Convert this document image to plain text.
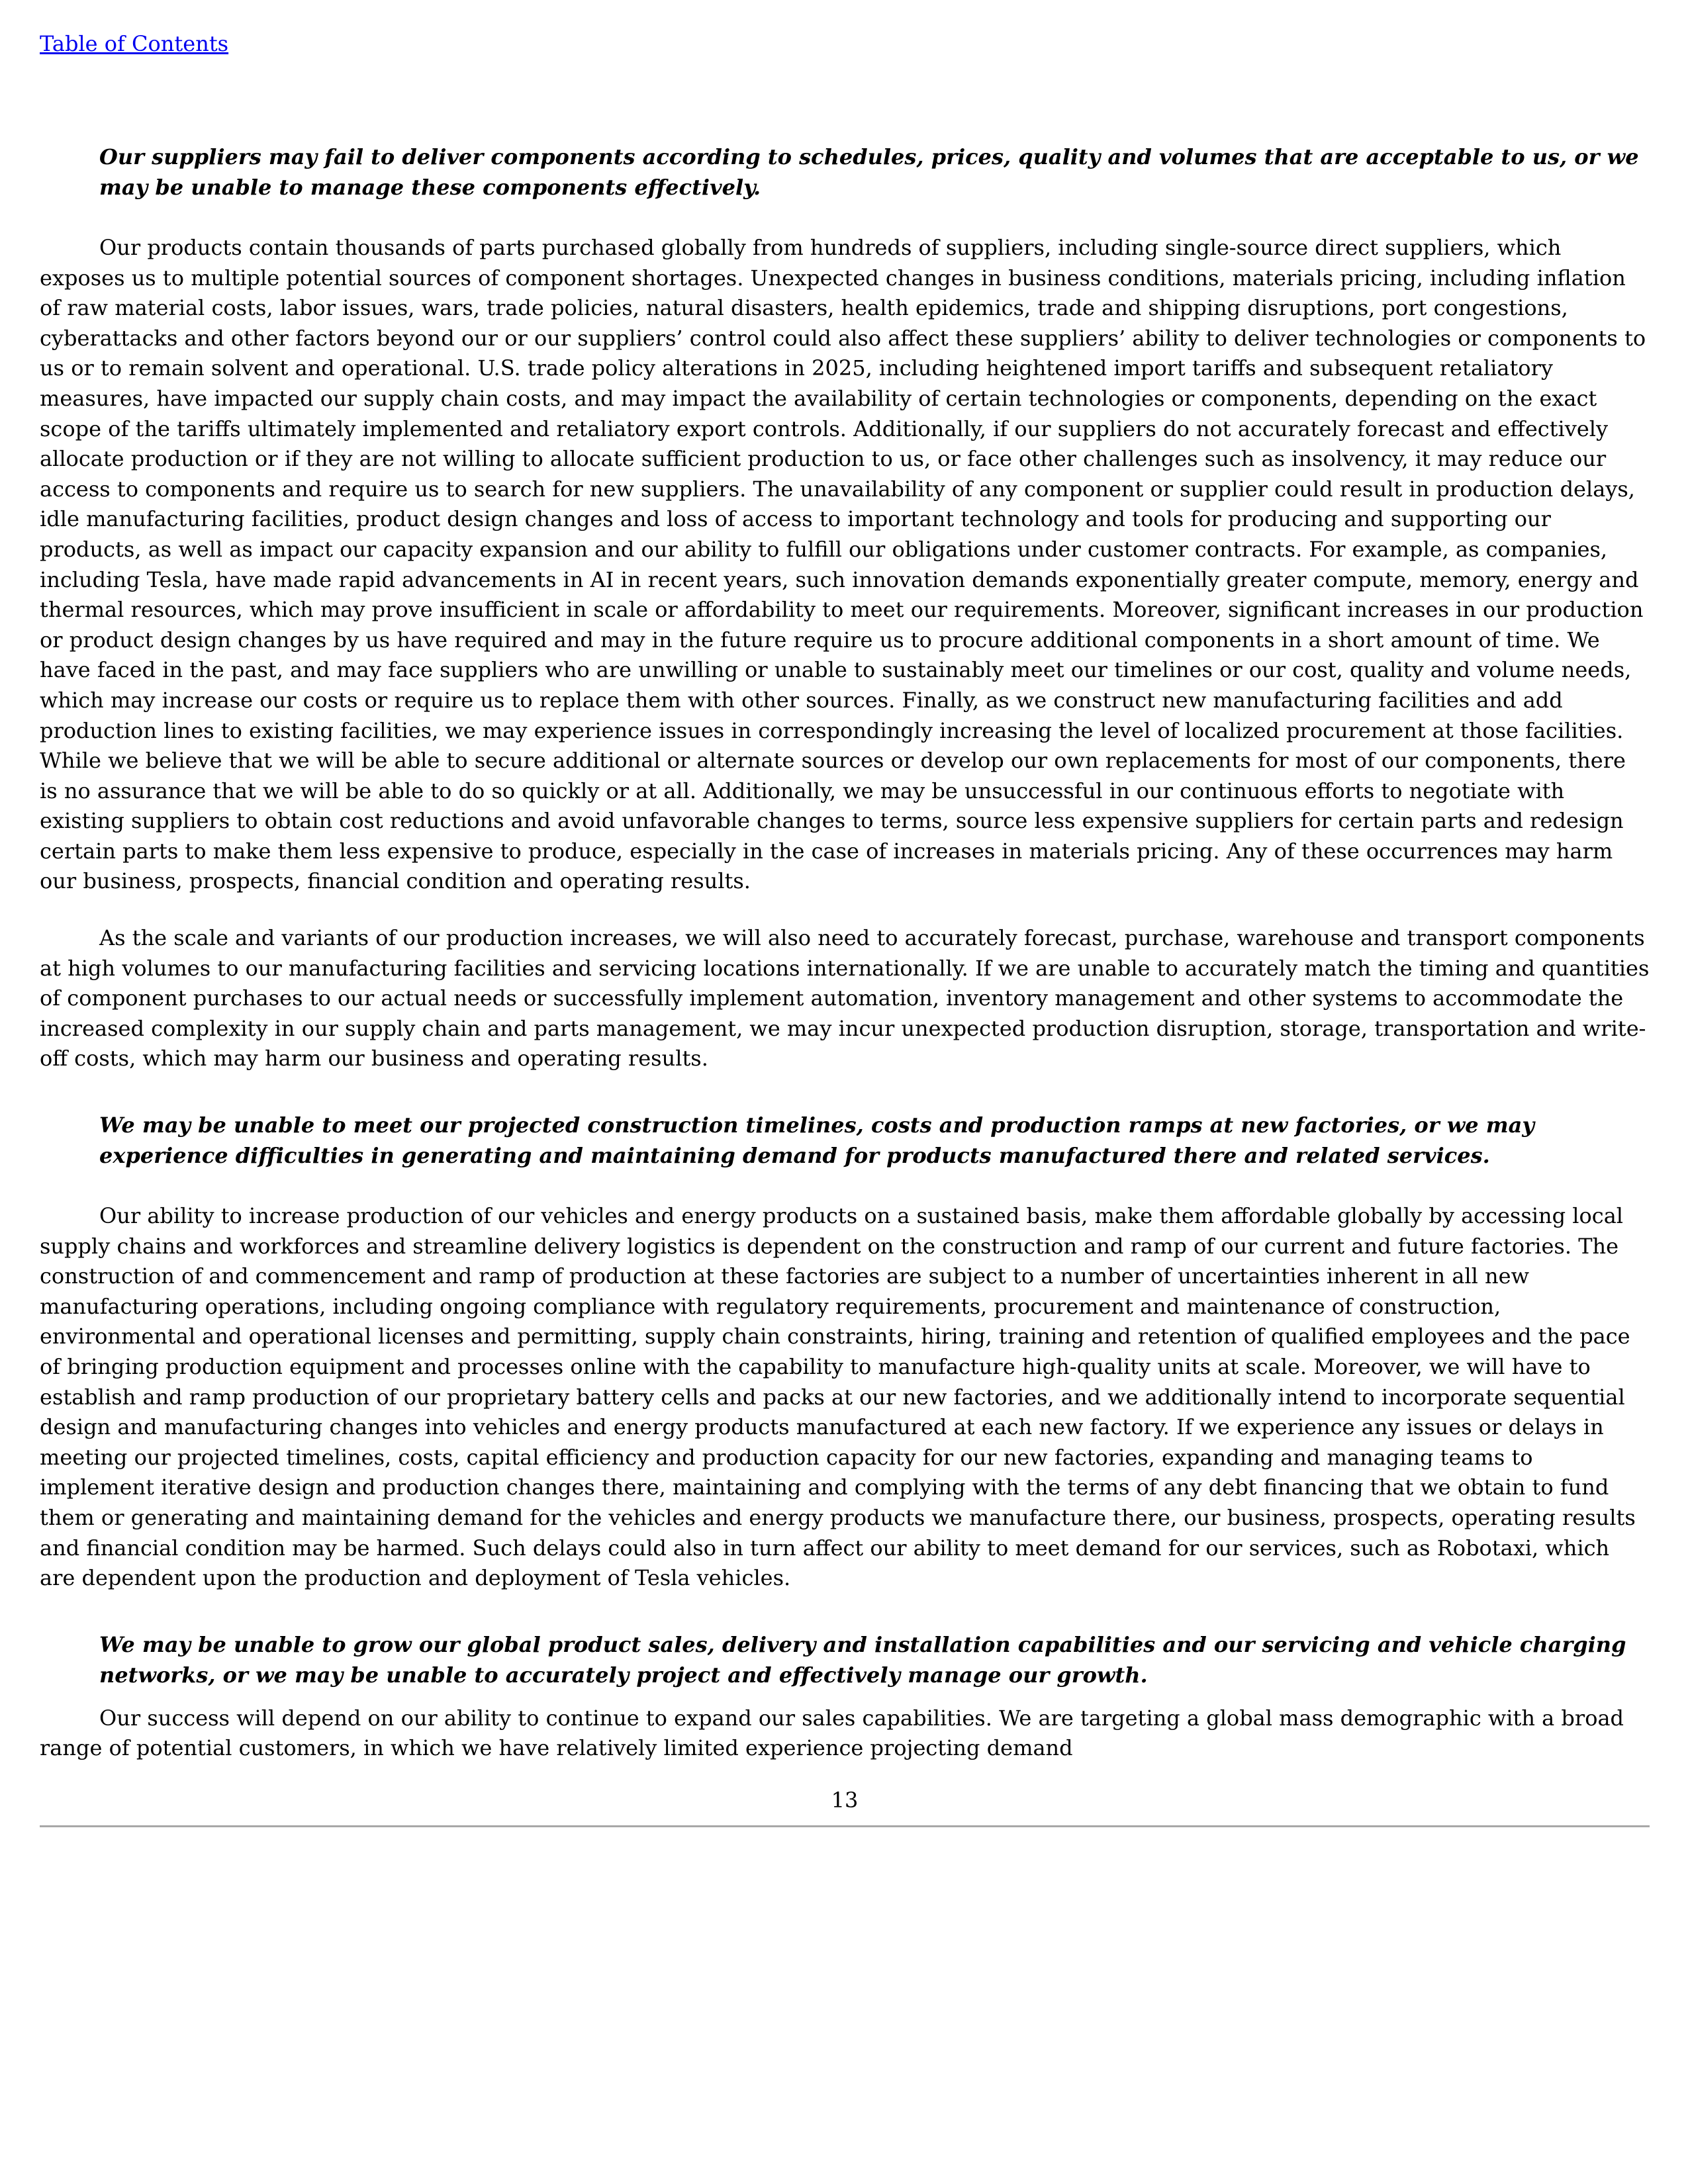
Table of Contents

Our suppliers may fail to deliver components according to schedules, prices, quality and volumes that are acceptable to us, or we may be unable to manage these components effectively.

Our products contain thousands of parts purchased globally from hundreds of suppliers, including single-source direct suppliers, which exposes us to multiple potential sources of component shortages. Unexpected changes in business conditions, materials pricing, including inflation of raw material costs, labor issues, wars, trade policies, natural disasters, health epidemics, trade and shipping disruptions, port congestions, cyberattacks and other factors beyond our or our suppliers’ control could also affect these suppliers’ ability to deliver technologies or components to us or to remain solvent and operational. U.S. trade policy alterations in 2025, including heightened import tariffs and subsequent retaliatory measures, have impacted our supply chain costs, and may impact the availability of certain technologies or components, depending on the exact scope of the tariffs ultimately implemented and retaliatory export controls. Additionally, if our suppliers do not accurately forecast and effectively allocate production or if they are not willing to allocate sufficient production to us, or face other challenges such as insolvency, it may reduce our access to components and require us to search for new suppliers. The unavailability of any component or supplier could result in production delays, idle manufacturing facilities, product design changes and loss of access to important technology and tools for producing and supporting our products, as well as impact our capacity expansion and our ability to fulfill our obligations under customer contracts. For example, as companies, including Tesla, have made rapid advancements in AI in recent years, such innovation demands exponentially greater compute, memory, energy and thermal resources, which may prove insufficient in scale or affordability to meet our requirements. Moreover, significant increases in our production or product design changes by us have required and may in the future require us to procure additional components in a short amount of time. We have faced in the past, and may face suppliers who are unwilling or unable to sustainably meet our timelines or our cost, quality and volume needs, which may increase our costs or require us to replace them with other sources. Finally, as we construct new manufacturing facilities and add production lines to existing facilities, we may experience issues in correspondingly increasing the level of localized procurement at those facilities. While we believe that we will be able to secure additional or alternate sources or develop our own replacements for most of our components, there is no assurance that we will be able to do so quickly or at all. Additionally, we may be unsuccessful in our continuous efforts to negotiate with existing suppliers to obtain cost reductions and avoid unfavorable changes to terms, source less expensive suppliers for certain parts and redesign certain parts to make them less expensive to produce, especially in the case of increases in materials pricing. Any of these occurrences may harm our business, prospects, financial condition and operating results.

As the scale and variants of our production increases, we will also need to accurately forecast, purchase, warehouse and transport components at high volumes to our manufacturing facilities and servicing locations internationally. If we are unable to accurately match the timing and quantities of component purchases to our actual needs or successfully implement automation, inventory management and other systems to accommodate the increased complexity in our supply chain and parts management, we may incur unexpected production disruption, storage, transportation and write-off costs, which may harm our business and operating results.

We may be unable to meet our projected construction timelines, costs and production ramps at new factories, or we may experience difficulties in generating and maintaining demand for products manufactured there and related services.

Our ability to increase production of our vehicles and energy products on a sustained basis, make them affordable globally by accessing local supply chains and workforces and streamline delivery logistics is dependent on the construction and ramp of our current and future factories. The construction of and commencement and ramp of production at these factories are subject to a number of uncertainties inherent in all new manufacturing operations, including ongoing compliance with regulatory requirements, procurement and maintenance of construction, environmental and operational licenses and permitting, supply chain constraints, hiring, training and retention of qualified employees and the pace of bringing production equipment and processes online with the capability to manufacture high-quality units at scale. Moreover, we will have to establish and ramp production of our proprietary battery cells and packs at our new factories, and we additionally intend to incorporate sequential design and manufacturing changes into vehicles and energy products manufactured at each new factory. If we experience any issues or delays in meeting our projected timelines, costs, capital efficiency and production capacity for our new factories, expanding and managing teams to implement iterative design and production changes there, maintaining and complying with the terms of any debt financing that we obtain to fund them or generating and maintaining demand for the vehicles and energy products we manufacture there, our business, prospects, operating results and financial condition may be harmed. Such delays could also in turn affect our ability to meet demand for our services, such as Robotaxi, which are dependent upon the production and deployment of Tesla vehicles.

We may be unable to grow our global product sales, delivery and installation capabilities and our servicing and vehicle charging networks, or we may be unable to accurately project and effectively manage our growth.

Our success will depend on our ability to continue to expand our sales capabilities. We are targeting a global mass demographic with a broad range of potential customers, in which we have relatively limited experience projecting demand

13
